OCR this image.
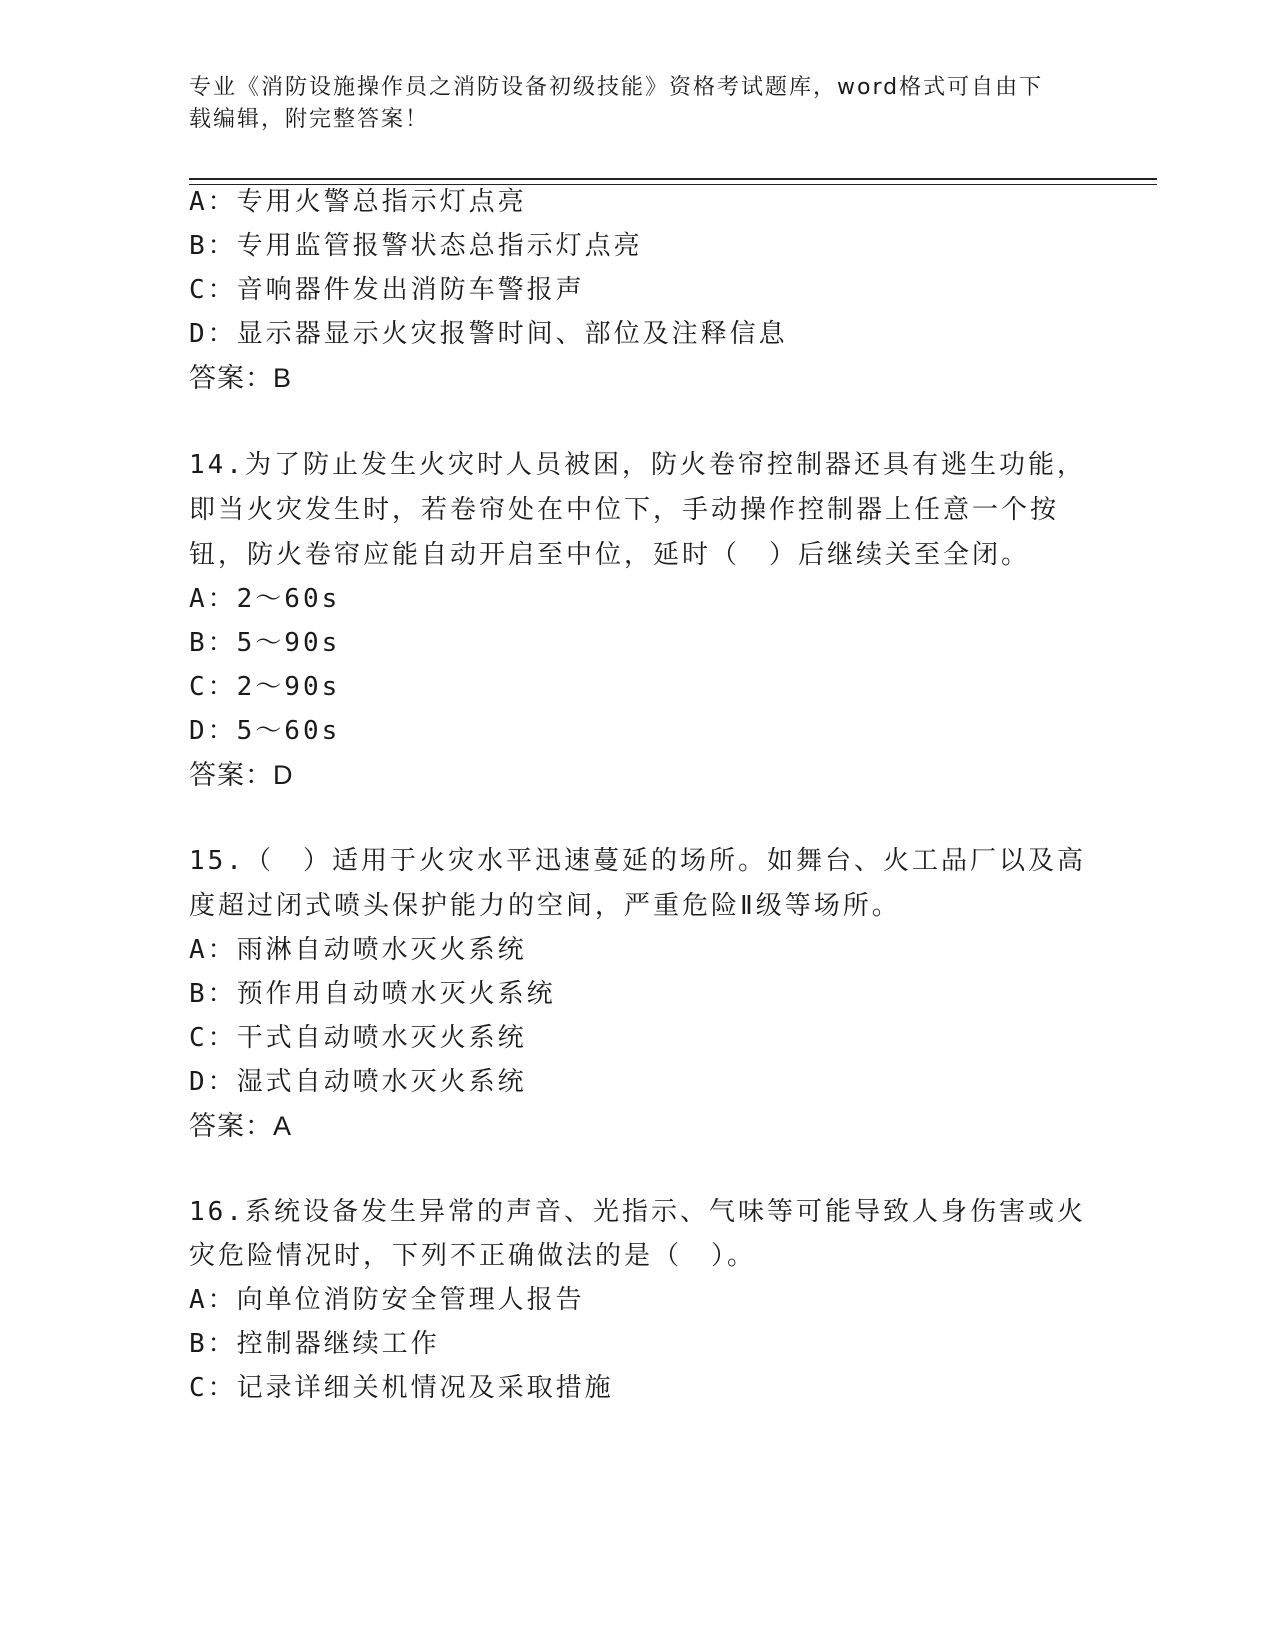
专业《消防设施操作员之消防设备初级技能》资格考试题库，word格式可自由下
载编辑，附完整答案！
A：专用火警总指示灯点亮
B：专用监管报警状态总指示灯点亮
C：音响器件发出消防车警报声
D：显示器显示火灾报警时间、部位及注释信息
答案：B
14.为了防止发生火灾时人员被困，防火卷帘控制器还具有逃生功能，
即当火灾发生时，若卷帘处在中位下，手动操作控制器上任意一个按
钮，防火卷帘应能自动开启至中位，延时（　）后继续关至全闭。
A：2～60s
B：5～90s
C：2～90s
D：5～60s
答案：D
15.（　）适用于火灾水平迅速蔓延的场所。如舞台、火工品厂以及高
度超过闭式喷头保护能力的空间，严重危险Ⅱ级等场所。
A：雨淋自动喷水灭火系统
B：预作用自动喷水灭火系统
C：干式自动喷水灭火系统
D：湿式自动喷水灭火系统
答案：A
16.系统设备发生异常的声音、光指示、气味等可能导致人身伤害或火
灾危险情况时，下列不正确做法的是（　）。
A：向单位消防安全管理人报告
B：控制器继续工作
C：记录详细关机情况及采取措施
